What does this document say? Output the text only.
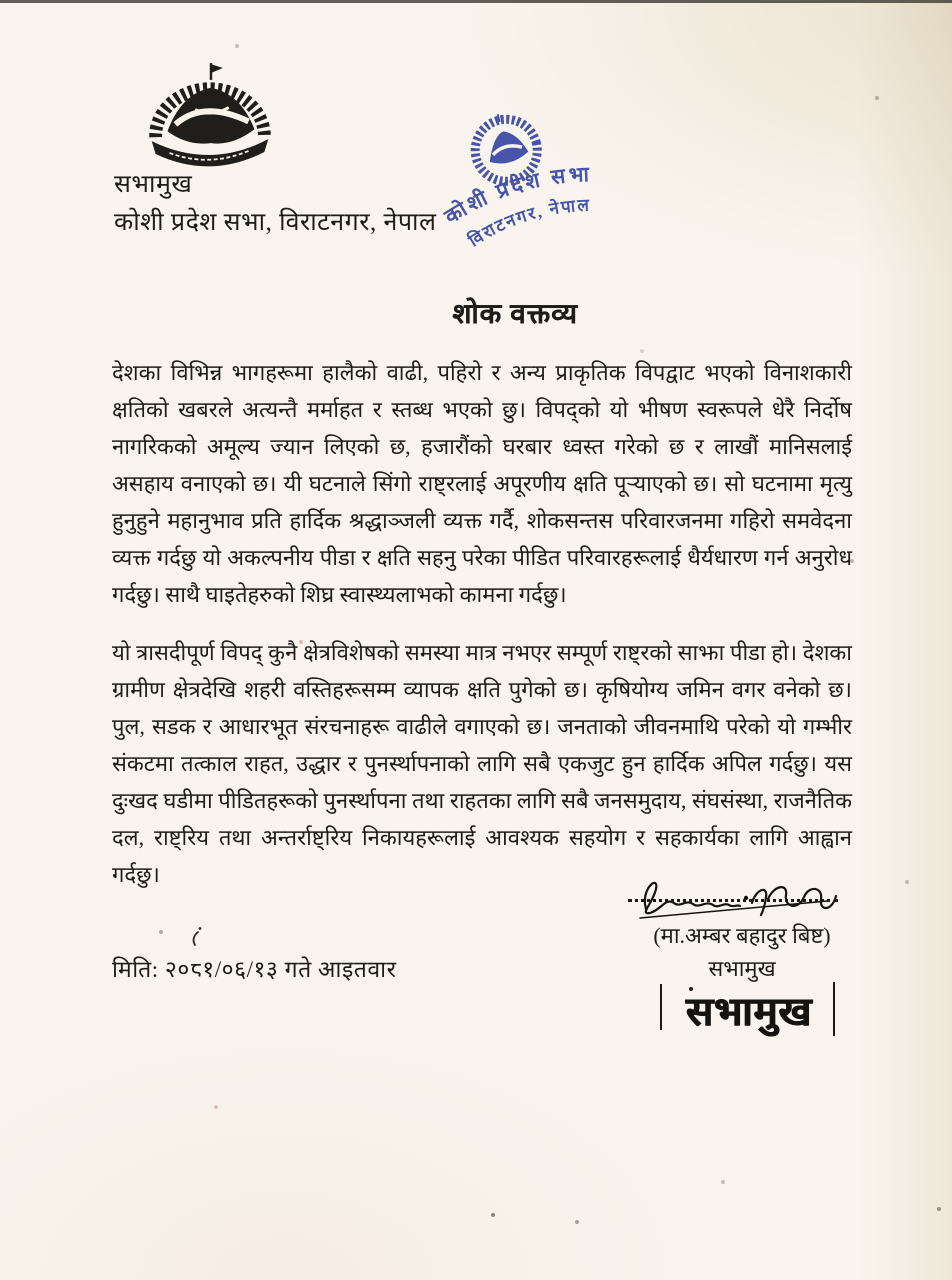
सभामुख
कोशी प्रदेश सभा, विराटनगर, नेपाल कोशी प्रदेश सभा
विराटनगर, नेपाल
शोक वक्तव्य

देशका विभिन्न भागहरूमा हालैको वाढी, पहिरो र अन्य प्राकृतिक विपद्वाट भएको विनाशकारी क्षतिको खबरले अत्यन्तै मर्माहत र स्तब्ध भएको छु। विपद्को यो भीषण स्वरूपले धेरै निर्दोष नागरिकको अमूल्य ज्यान लिएको छ, हजारौंको घरबार ध्वस्त गरेको छ र लाखौं मानिसलाई असहाय वनाएको छ। यी घटनाले सिंगो राष्ट्रलाई अपूरणीय क्षति पूऱ्याएको छ। सो घटनामा मृत्यु हुनुहुने महानुभाव प्रति हार्दिक श्रद्धाञ्जली व्यक्त गर्दै, शोकसन्तस परिवारजनमा गहिरो समवेदना व्यक्त गर्दछु यो अकल्पनीय पीडा र क्षति सहनु परेका पीडित परिवारहरूलाई धैर्यधारण गर्न अनुरोध गर्दछु। साथै घाइतेहरुको शिघ्र स्वास्थ्यलाभको कामना गर्दछु।

यो त्रासदीपूर्ण विपद् कुनै क्षेत्रविशेषको समस्या मात्र नभएर सम्पूर्ण राष्ट्रको साझा पीडा हो। देशका ग्रामीण क्षेत्रदेखि शहरी वस्तिहरूसम्म व्यापक क्षति पुगेको छ। कृषियोग्य जमिन वगर वनेको छ। पुल, सडक र आधारभूत संरचनाहरू वाढीले वगाएको छ। जनताको जीवनमाथि परेको यो गम्भीर संकटमा तत्काल राहत, उद्धार र पुनर्स्थापनाको लागि सबै एकजुट हुन हार्दिक अपिल गर्दछु। यस दुःखद घडीमा पीडितहरूको पुनर्स्थापना तथा राहतका लागि सबै जनसमुदाय, संघसंस्था, राजनैतिक दल, राष्ट्रिय तथा अन्तर्राष्ट्रिय निकायहरूलाई आवश्यक सहयोग र सहकार्यका लागि आह्वान गर्दछु।

(मा.अम्बर बहादुर बिष्ट)
सभामुख
सभामुख
मिति: २०८१/०६/१३ गते आइतवार
